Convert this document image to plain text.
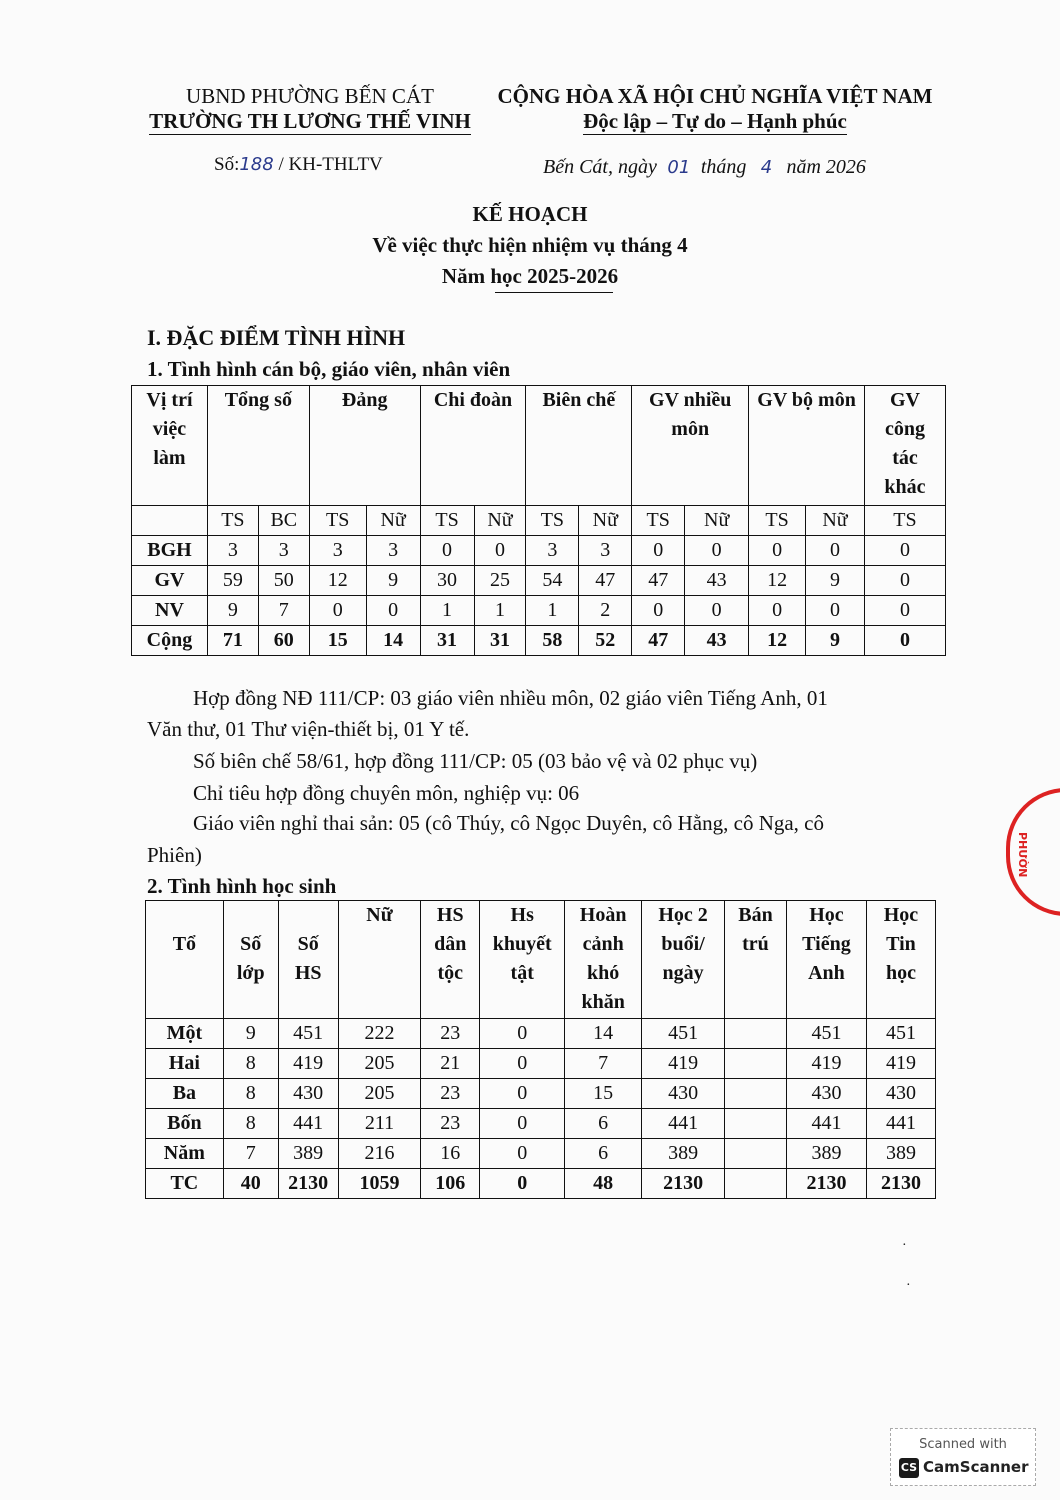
UBND PHƯỜNG BẾN CÁT
TRƯỜNG TH LƯƠNG THẾ VINH
CỘNG HÒA XÃ HỘI CHỦ NGHĨA VIỆT NAM
Độc lập – Tự do – Hạnh phúc
Số:188 / KH-THLTV	Bến Cát, ngày 01 tháng 4 năm 2026
KẾ HOẠCH
Về việc thực hiện nhiệm vụ tháng 4
Năm học 2025-2026
I. ĐẶC ĐIỂM TÌNH HÌNH
1. Tình hình cán bộ, giáo viên, nhân viên
Vị trí việc làm	Tổng số		Đảng		Chi đoàn		Biên chế		GV nhiều môn		GV bộ môn		GV công tác khác
	TS	BC	TS	Nữ	TS	Nữ	TS	Nữ	TS	Nữ	TS	Nữ	TS
BGH	3	3	3	3	0	0	3	3	0	0	0	0	0
GV	59	50	12	9	30	25	54	47	47	43	12	9	0
NV	9	7	0	0	1	1	1	2	0	0	0	0	0
Cộng	71	60	15	14	31	31	58	52	47	43	12	9	0
Hợp đồng NĐ 111/CP: 03 giáo viên nhiều môn, 02 giáo viên Tiếng Anh, 01
Văn thư, 01 Thư viện-thiết bị, 01 Y tế.
Số biên chế 58/61, hợp đồng 111/CP: 05 (03 bảo vệ và 02 phục vụ)
Chỉ tiêu hợp đồng chuyên môn, nghiệp vụ: 06
Giáo viên nghỉ thai sản: 05 (cô Thúy, cô Ngọc Duyên, cô Hằng, cô Nga, cô
Phiên)
2. Tình hình học sinh
Tổ	Số lớp	Số HS	Nữ	HS dân tộc	Hs khuyết tật	Hoàn cảnh khó khăn	Học 2 buổi/ ngày	Bán trú	Học Tiếng Anh	Học Tin học
Một	9	451	222	23	0	14	451		451	451
Hai	8	419	205	21	0	7	419		419	419
Ba	8	430	205	23	0	15	430		430	430
Bốn	8	441	211	23	0	6	441		441	441
Năm	7	389	216	16	0	6	389		389	389
TC	40	2130	1059	106	0	48	2130		2130	2130
·
·
PHƯỜN
Scanned with
CS CamScanner
